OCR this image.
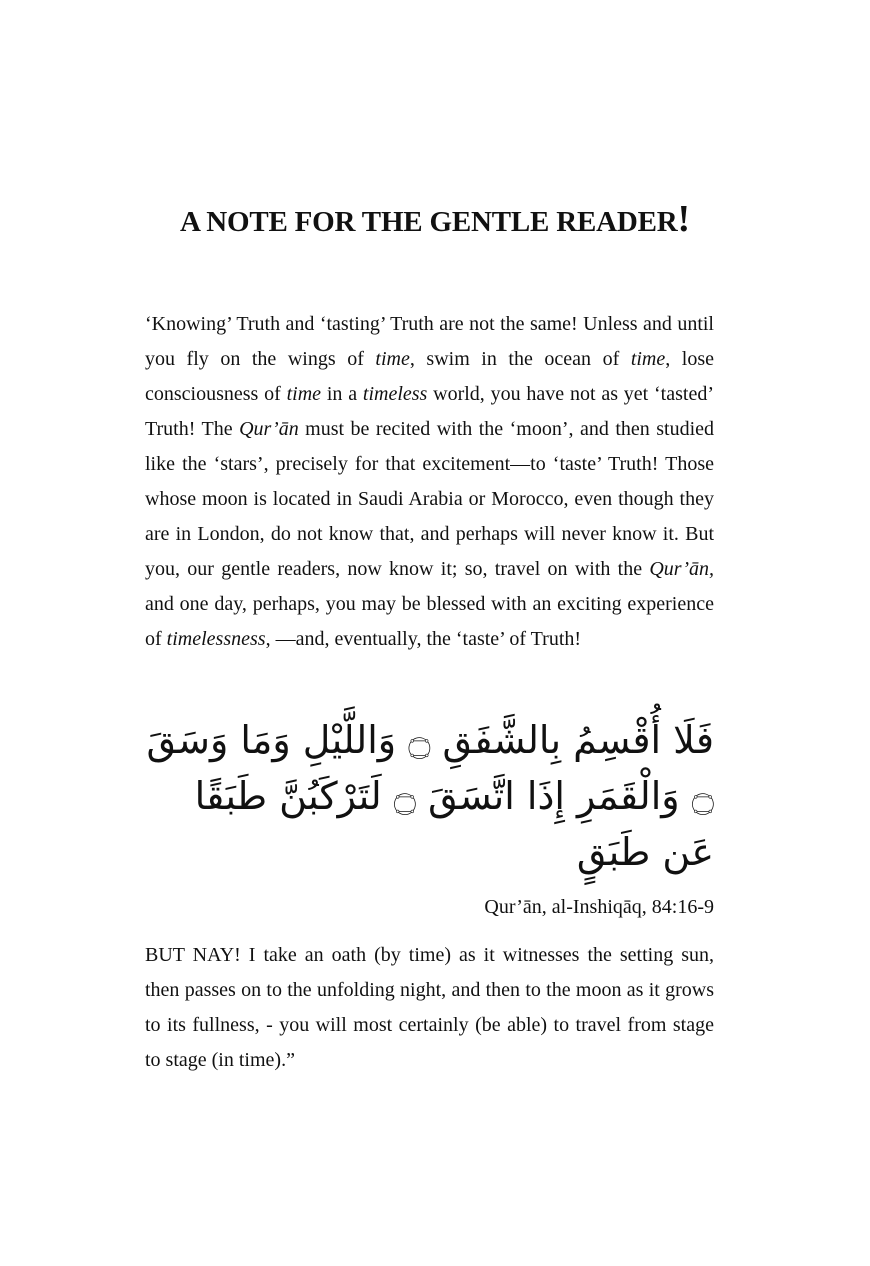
A NOTE FOR THE GENTLE READER!

‘Knowing’ Truth and ‘tasting’ Truth are not the same! Unless and until you fly on the wings of time, swim in the ocean of time, lose consciousness of time in a timeless world, you have not as yet ‘tasted’ Truth! The Qur’ān must be recited with the ‘moon’, and then studied like the ‘stars’, precisely for that excitement—to ‘taste’ Truth! Those whose moon is located in Saudi Arabia or Morocco, even though they are in London, do not know that, and perhaps will never know it. But you, our gentle readers, now know it; so, travel on with the Qur’ān, and one day, perhaps, you may be blessed with an exciting experience of timelessness, —and, eventually, the ‘taste’ of Truth!

فَلَا أُقْسِمُ بِالشَّفَقِ ۝ وَاللَّيْلِ وَمَا وَسَقَ ۝ وَالْقَمَرِ إِذَا اتَّسَقَ ۝ لَتَرْكَبُنَّ طَبَقًا عَن طَبَقٍ

Qur’ān, al-Inshiqāq, 84:16-9

BUT NAY! I take an oath (by time) as it witnesses the setting sun, then passes on to the unfolding night, and then to the moon as it grows to its fullness, - you will most certainly (be able) to travel from stage to stage (in time).”
